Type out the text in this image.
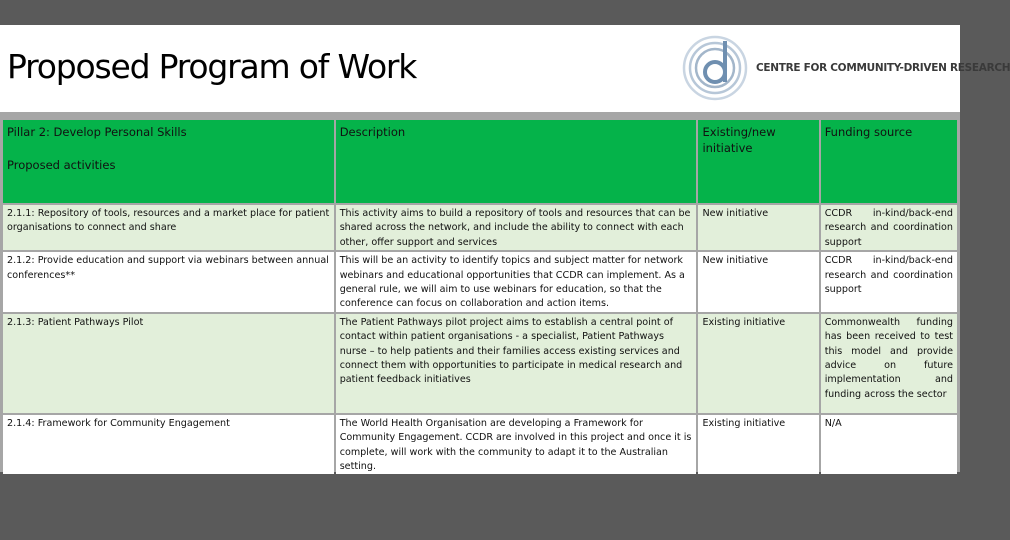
Proposed Program of Work	CENTRE FOR COMMUNITY-DRIVEN RESEARCH
Pillar 2: Develop Personal Skills
Proposed activities	Description	Existing/new initiative	Funding source
2.1.1: Repository of tools, resources and a market place for patient organisations to connect and share	This activity aims to build a repository of tools and resources that can be shared across the network, and include the ability to connect with each other, offer support and services	New initiative	CCDR in-kind/back-end research and coordination support
2.1.2: Provide education and support via webinars between annual conferences**	This will be an activity to identify topics and subject matter for network webinars and educational opportunities that CCDR can implement. As a general rule, we will aim to use webinars for education, so that the conference can focus on collaboration and action items.	New initiative	CCDR in-kind/back-end research and coordination support
2.1.3: Patient Pathways Pilot	The Patient Pathways pilot project aims to establish a central point of contact within patient organisations - a specialist, Patient Pathways nurse – to help patients and their families access existing services and connect them with opportunities to participate in medical research and patient feedback initiatives	Existing initiative	Commonwealth funding has been received to test this model and provide advice on future implementation and funding across the sector
2.1.4: Framework for Community Engagement	The World Health Organisation are developing a Framework for Community Engagement. CCDR are involved in this project and once it is complete, will work with the community to adapt it to the Australian setting.	Existing initiative	N/A
